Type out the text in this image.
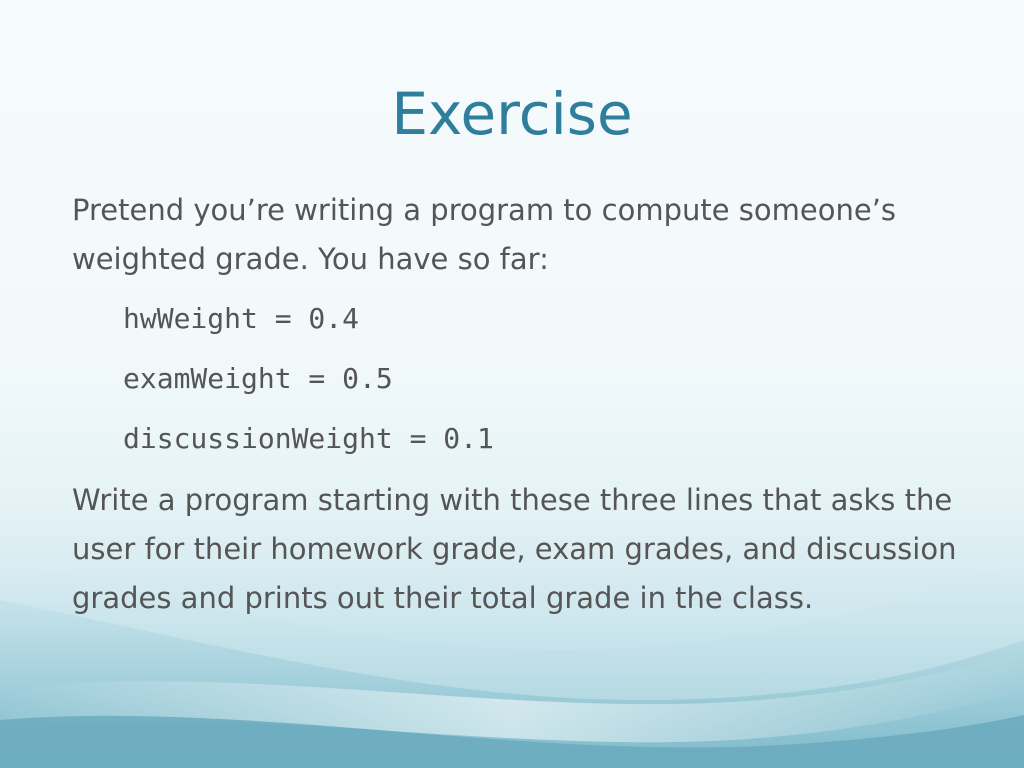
Exercise
Pretend you’re writing a program to compute someone’s weighted grade. You have so far:
hwWeight = 0.4
examWeight = 0.5
discussionWeight = 0.1
Write a program starting with these three lines that asks the user for their homework grade, exam grades, and discussion grades and prints out their total grade in the class.
